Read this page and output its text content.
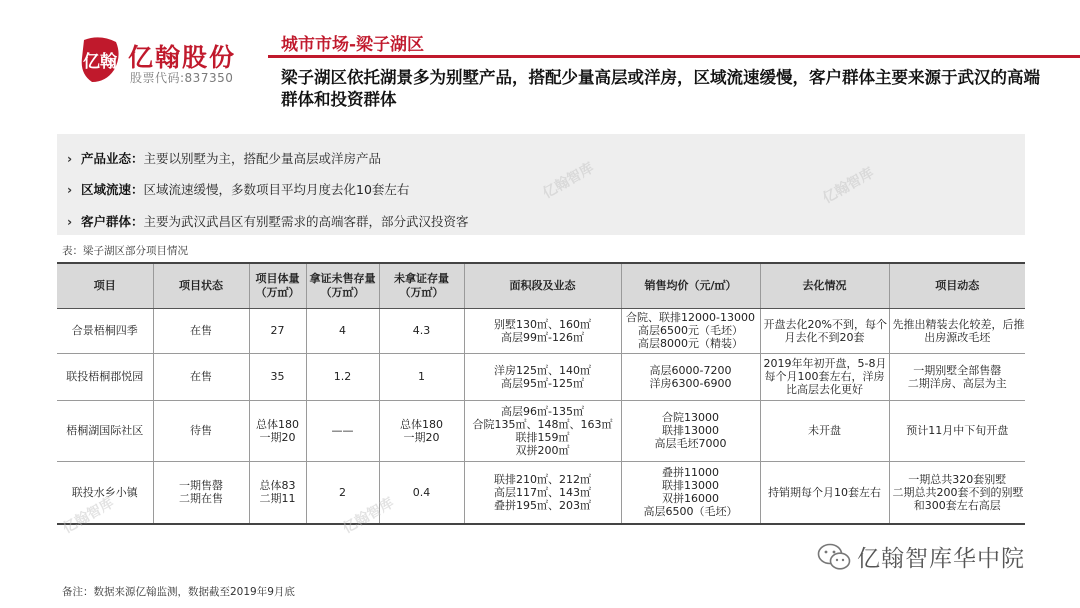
亿翰 亿翰股份
股票代码:837350
城市市场-梁子湖区
梁子湖区依托湖景多为别墅产品，搭配少量高层或洋房，区域流速缓慢，客户群体主要来源于武汉的高端群体和投资群体
› 产品业态：主要以别墅为主，搭配少量高层或洋房产品
› 区域流速：区域流速缓慢，多数项目平均月度去化10套左右
› 客户群体：主要为武汉武昌区有别墅需求的高端客群，部分武汉投资客
表：梁子湖区部分项目情况
项目	项目状态	项目体量
（万㎡）	拿证未售存量
（万㎡）	未拿证存量
（万㎡）	面积段及业态	销售均价（元/㎡）	去化情况	项目动态

合景梧桐四季	在售	27	4	4.3	别墅130㎡、160㎡
高层99㎡-126㎡	合院、联排12000-13000
高层6500元（毛坯）
高层8000元（精装）	开盘去化20%不到，每个
月去化不到20套	先推出精装去化较差，后推
出房源改毛坯

联投梧桐郡悦园	在售	35	1.2	1	洋房125㎡、140㎡
高层95㎡-125㎡	高层6000-7200
洋房6300-6900	2019年年初开盘，5-8月
每个月100套左右，洋房
比高层去化更好	一期别墅全部售罄
二期洋房、高层为主

梧桐湖国际社区	待售	总体180
一期20	——	总体180
一期20	高层96㎡-135㎡
合院135㎡、148㎡、163㎡
联排159㎡
双拼200㎡	合院13000
联排13000
高层毛坯7000	未开盘	预计11月中下旬开盘

联投水乡小镇	一期售罄
二期在售	总体83
二期11	2	0.4	联排210㎡、212㎡
高层117㎡、143㎡
叠拼195㎡、203㎡	叠拼11000
联排13000
双拼16000
高层6500（毛坯）	持销期每个月10套左右	一期总共320套别墅
二期总共200套不到的别墅
和300套左右高层
亿翰智库	亿翰智库
亿翰智库	亿翰智库
亿翰智库华中院
备注：数据来源亿翰监测，数据截至2019年9月底
